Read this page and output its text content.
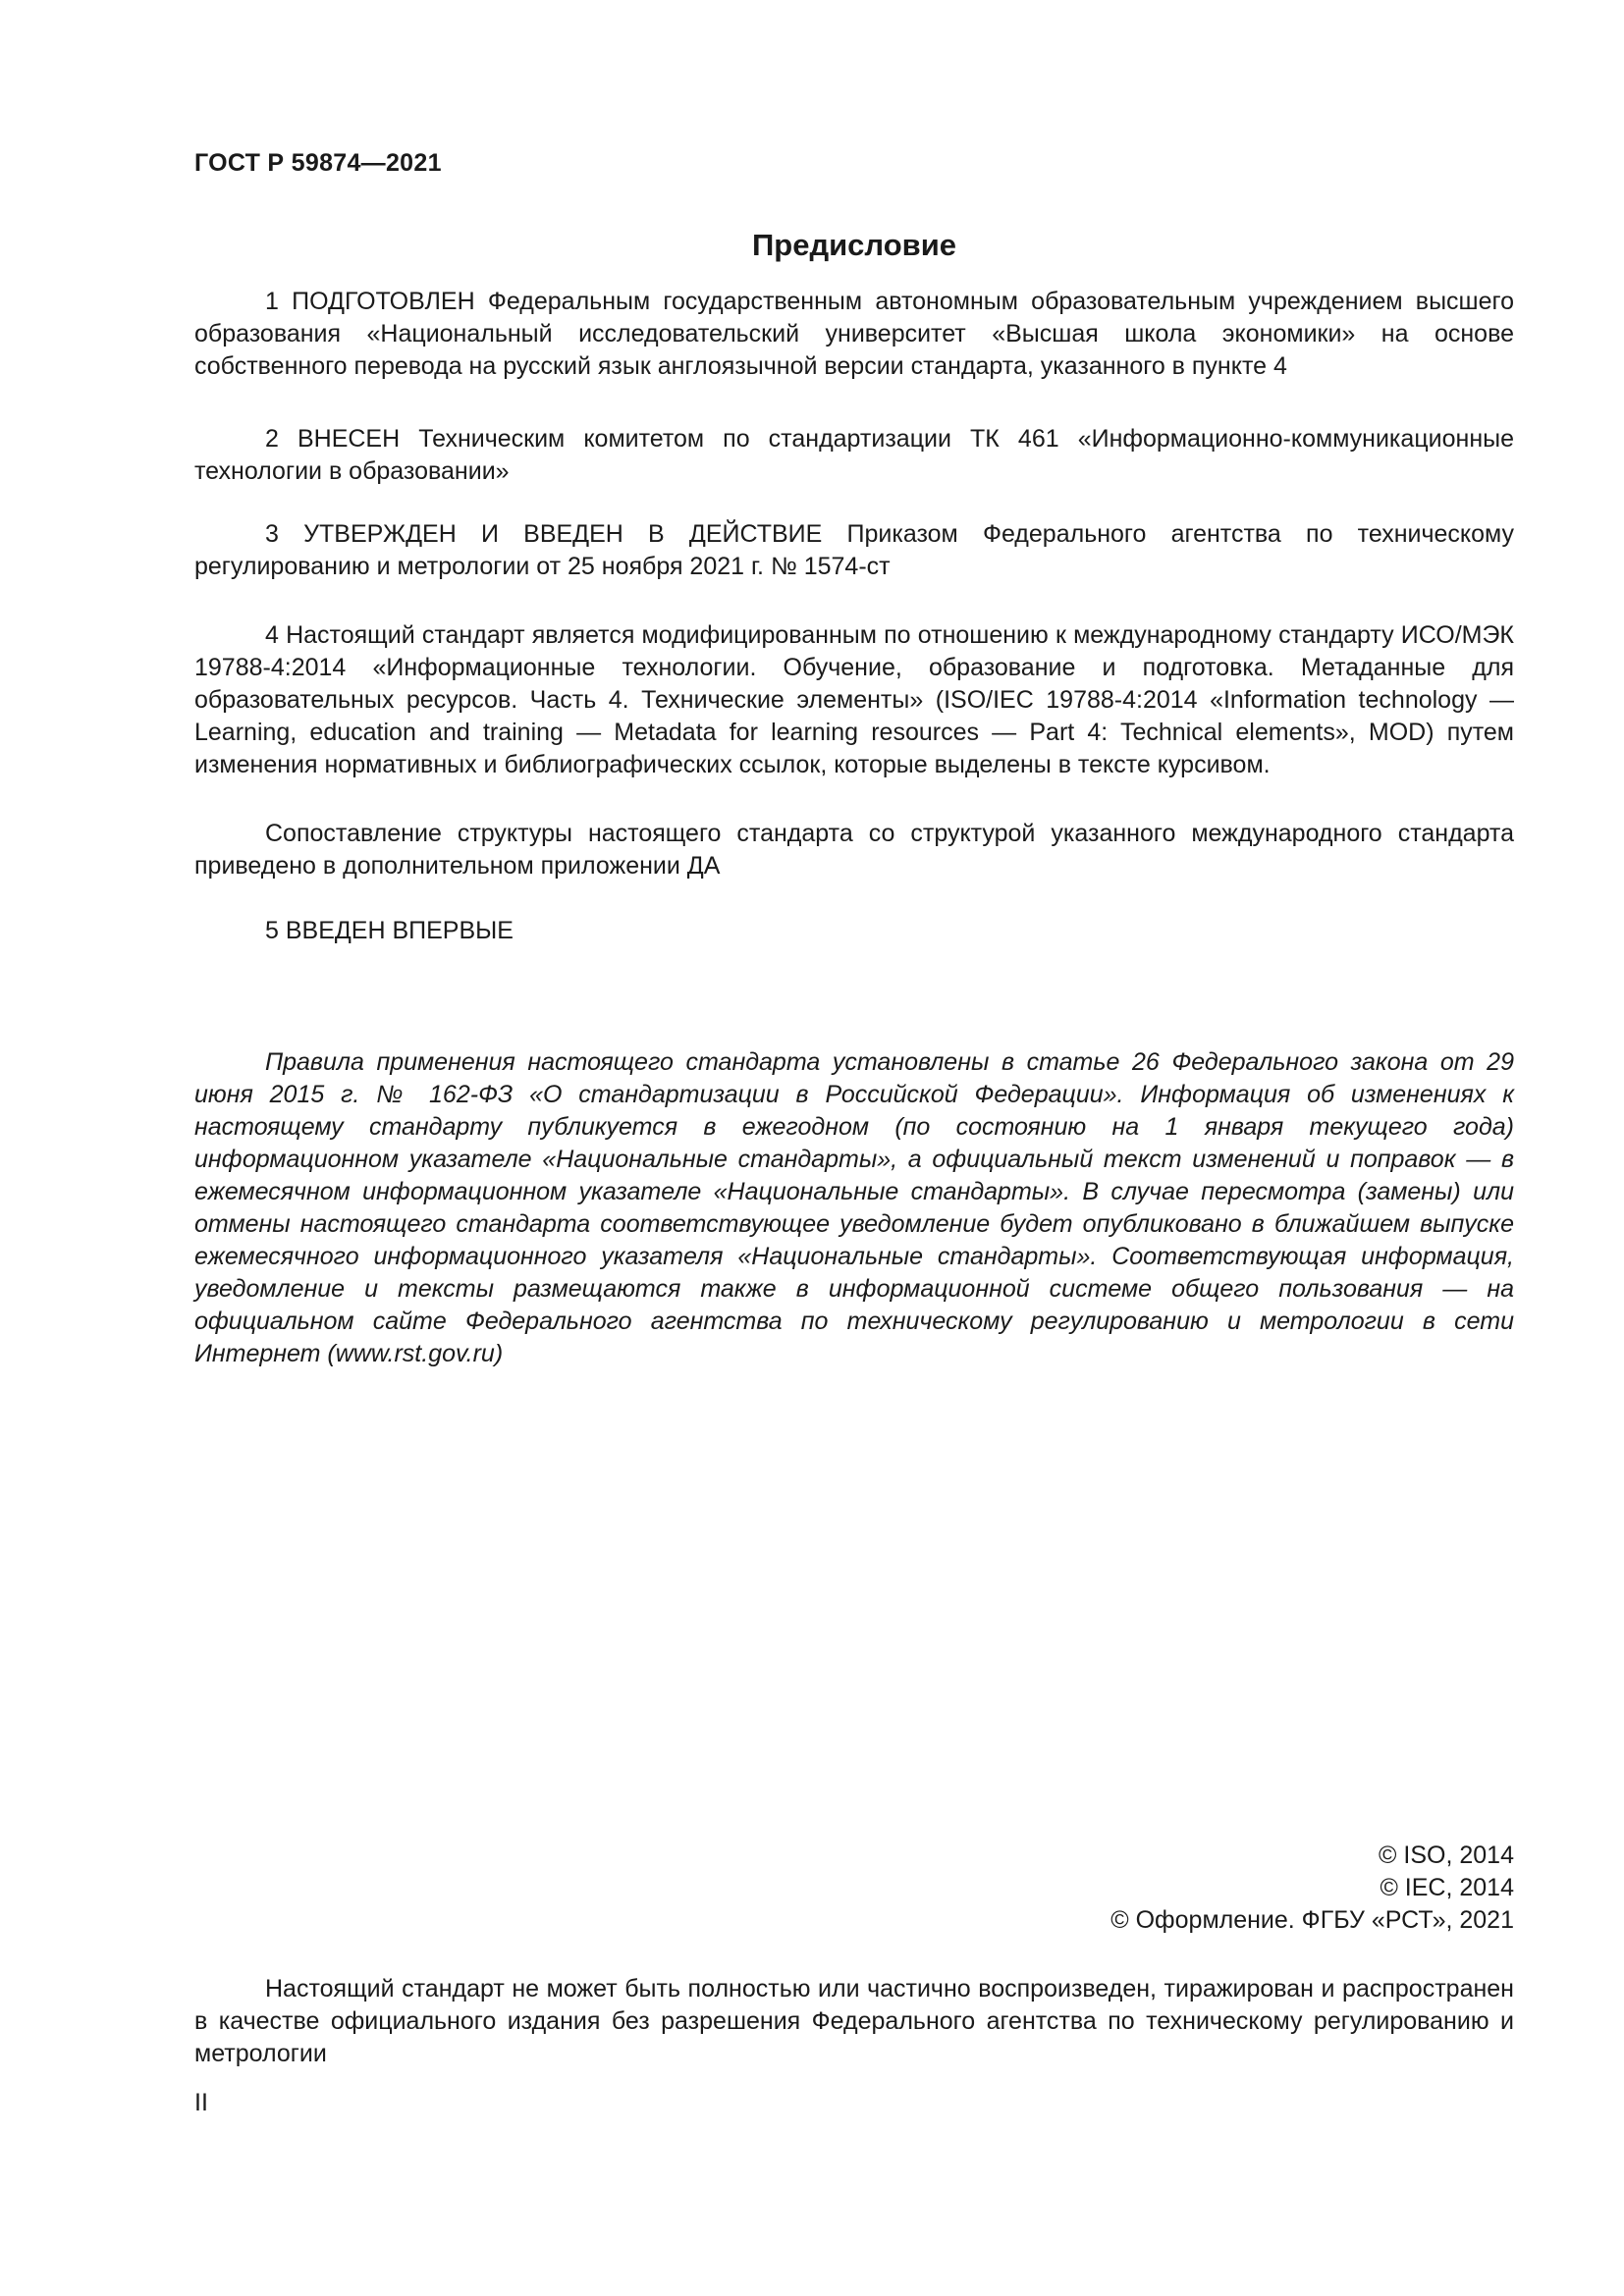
ГОСТ Р 59874—2021
Предисловие

1 ПОДГОТОВЛЕН Федеральным государственным автономным образовательным учреждением высшего образования «Национальный исследовательский университет «Высшая школа экономики» на основе собственного перевода на русский язык англоязычной версии стандарта, указанного в пункте 4

2 ВНЕСЕН Техническим комитетом по стандартизации ТК 461 «Информационно-коммуникационные технологии в образовании»

3 УТВЕРЖДЕН И ВВЕДЕН В ДЕЙСТВИЕ Приказом Федерального агентства по техническому регулированию и метрологии от 25 ноября 2021 г. № 1574-ст

4 Настоящий стандарт является модифицированным по отношению к международному стандарту ИСО/МЭК 19788-4:2014 «Информационные технологии. Обучение, образование и подготовка. Метаданные для образовательных ресурсов. Часть 4. Технические элементы» (ISO/IEC 19788-4:2014 «Information technology — Learning, education and training — Metadata for learning resources — Part 4: Technical elements», MOD) путем изменения нормативных и библиографических ссылок, которые выделены в тексте курсивом.

Сопоставление структуры настоящего стандарта со структурой указанного международного стандарта приведено в дополнительном приложении ДА

5 ВВЕДЕН ВПЕРВЫЕ

Правила применения настоящего стандарта установлены в статье 26 Федерального закона от 29 июня 2015 г. № 162-ФЗ «О стандартизации в Российской Федерации». Информация об изменениях к настоящему стандарту публикуется в ежегодном (по состоянию на 1 января текущего года) информационном указателе «Национальные стандарты», а официальный текст изменений и поправок — в ежемесячном информационном указателе «Национальные стандарты». В случае пересмотра (замены) или отмены настоящего стандарта соответствующее уведомление будет опубликовано в ближайшем выпуске ежемесячного информационного указателя «Национальные стандарты». Соответствующая информация, уведомление и тексты размещаются также в информационной системе общего пользования — на официальном сайте Федерального агентства по техническому регулированию и метрологии в сети Интернет (www.rst.gov.ru)

© ISO, 2014
© IEC, 2014
© Оформление. ФГБУ «РСТ», 2021

Настоящий стандарт не может быть полностью или частично воспроизведен, тиражирован и распространен в качестве официального издания без разрешения Федерального агентства по техническому регулированию и метрологии

II
